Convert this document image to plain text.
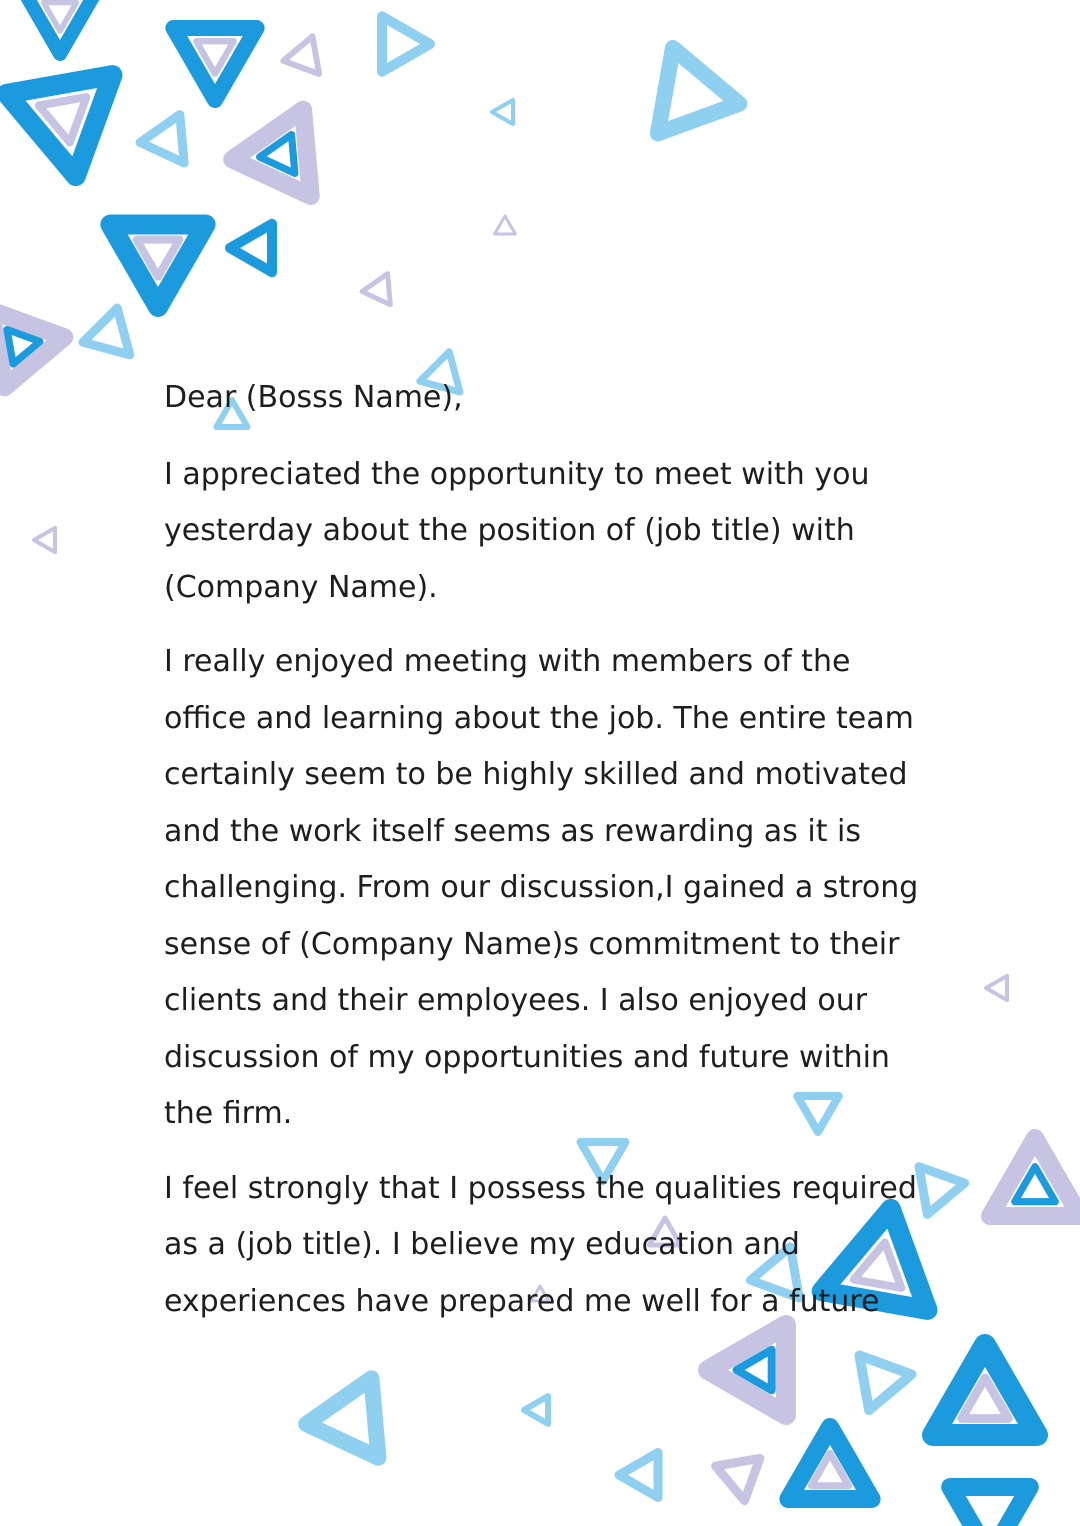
Dear (Bosss Name),

I appreciated the opportunity to meet with you
yesterday about the position of (job title) with
(Company Name).

I really enjoyed meeting with members of the
office and learning about the job. The entire team
certainly seem to be highly skilled and motivated
and the work itself seems as rewarding as it is
challenging. From our discussion,I gained a strong
sense of (Company Name)s commitment to their
clients and their employees. I also enjoyed our
discussion of my opportunities and future within
the firm.

I feel strongly that I possess the qualities required
as a (job title). I believe my education and
experiences have prepared me well for a future
